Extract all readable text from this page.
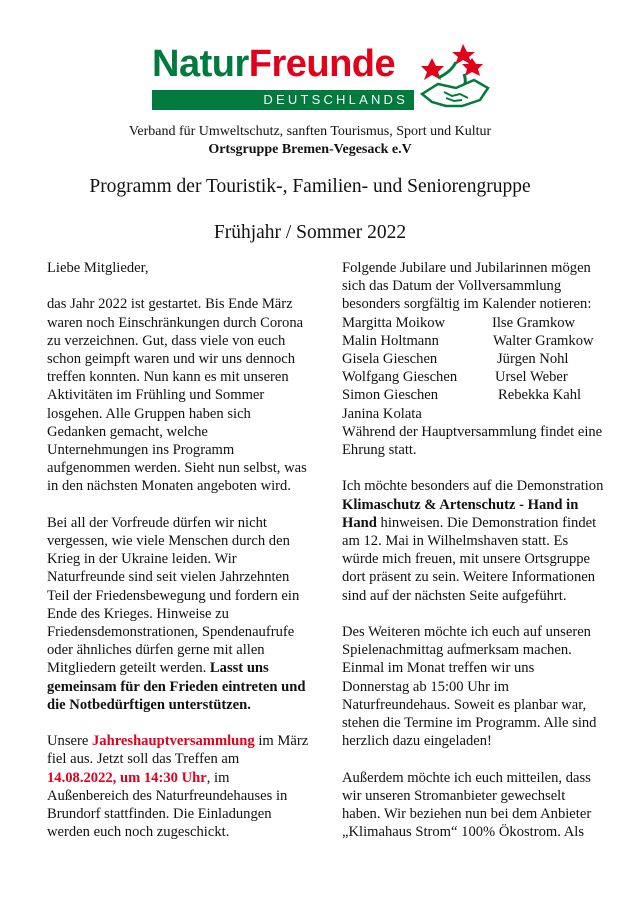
NaturFreunde
DEUTSCHLANDS
Verband für Umweltschutz, sanften Tourismus, Sport und Kultur
Ortsgruppe Bremen-Vegesack e.V
Programm der Touristik-, Familien- und Seniorengruppe
Frühjahr / Sommer 2022

Liebe Mitglieder,

das Jahr 2022 ist gestartet. Bis Ende März waren noch Einschränkungen durch Corona zu verzeichnen. Gut, dass viele von euch schon geimpft waren und wir uns dennoch treffen konnten. Nun kann es mit unseren Aktivitäten im Frühling und Sommer losgehen. Alle Gruppen haben sich Gedanken gemacht, welche Unternehmungen ins Programm aufgenommen werden. Sieht nun selbst, was in den nächsten Monaten angeboten wird.

Bei all der Vorfreude dürfen wir nicht vergessen, wie viele Menschen durch den Krieg in der Ukraine leiden. Wir Naturfreunde sind seit vielen Jahrzehnten Teil der Friedensbewegung und fordern ein Ende des Krieges. Hinweise zu Friedensdemonstrationen, Spendenaufrufe oder ähnliches dürfen gerne mit allen Mitgliedern geteilt werden. Lasst uns gemeinsam für den Frieden eintreten und die Notbedürftigen unterstützen.

Unsere Jahreshauptversammlung im März fiel aus. Jetzt soll das Treffen am 14.08.2022, um 14:30 Uhr, im Außenbereich des Naturfreundehauses in Brundorf stattfinden. Die Einladungen werden euch noch zugeschickt.

Folgende Jubilare und Jubilarinnen mögen sich das Datum der Vollversammlung besonders sorgfältig im Kalender notieren:

Margitta Moikow	Ilse Gramkow
Malin Holtmann	Walter Gramkow
Gisela Gieschen	Jürgen Nohl
Wolfgang Gieschen	Ursel Weber
Simon Gieschen	Rebekka Kahl
Janina Kolata

Während der Hauptversammlung findet eine Ehrung statt.

Ich möchte besonders auf die Demonstration Klimaschutz & Artenschutz - Hand in Hand hinweisen. Die Demonstration findet am 12. Mai in Wilhelmshaven statt. Es würde mich freuen, mit unsere Ortsgruppe dort präsent zu sein. Weitere Informationen sind auf der nächsten Seite aufgeführt.

Des Weiteren möchte ich euch auf unseren Spielenachmittag aufmerksam machen. Einmal im Monat treffen wir uns Donnerstag ab 15:00 Uhr im Naturfreundehaus. Soweit es planbar war, stehen die Termine im Programm. Alle sind herzlich dazu eingeladen!

Außerdem möchte ich euch mitteilen, dass wir unseren Stromanbieter gewechselt haben. Wir beziehen nun bei dem Anbieter „Klimahaus Strom“ 100% Ökostrom. Als
